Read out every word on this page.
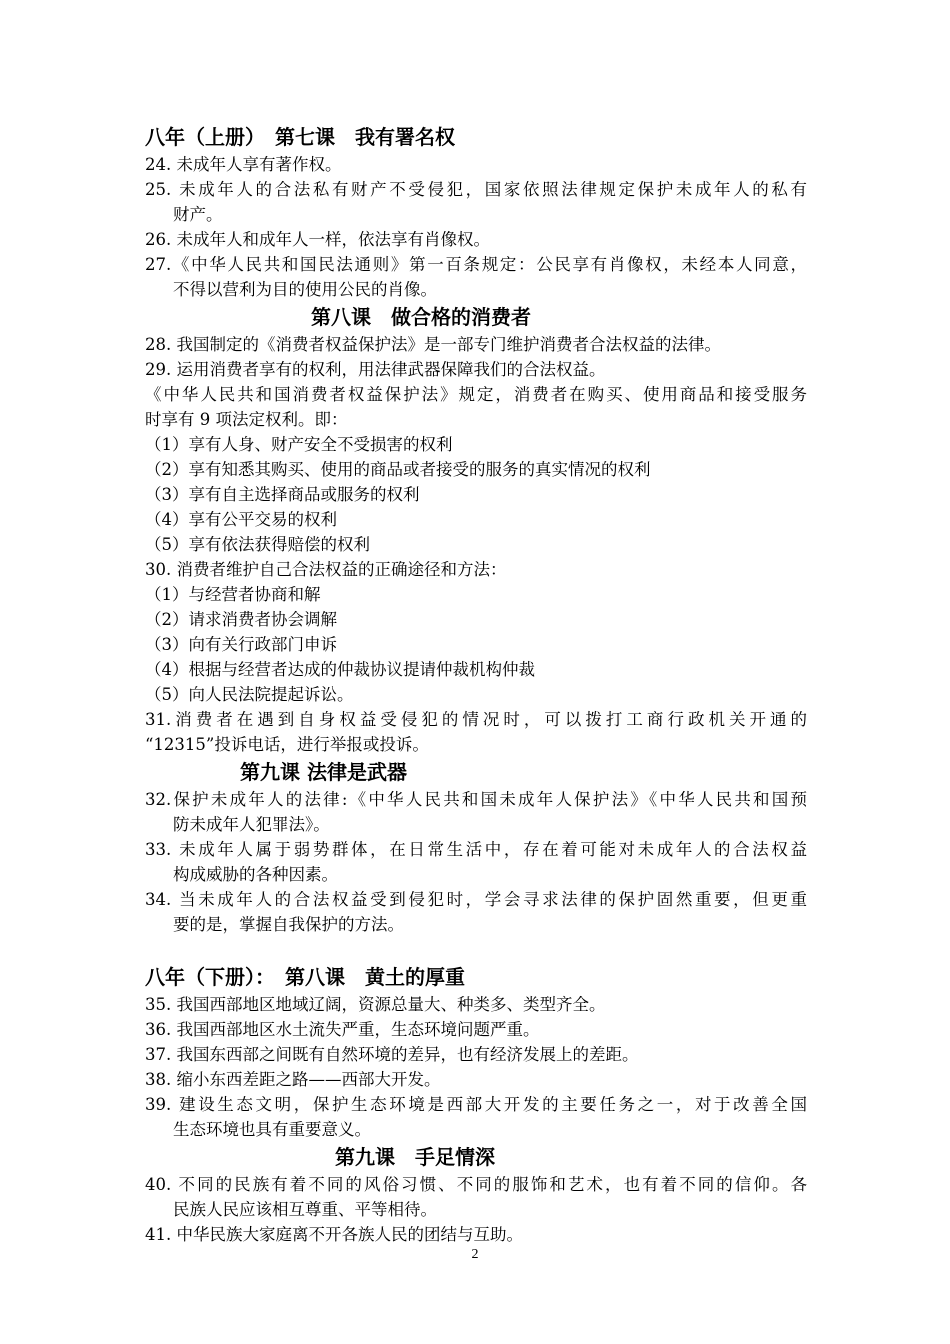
八年（上册）　第七课　我有署名权
24. 未成年人享有著作权。
25. 未成年人的合法私有财产不受侵犯，国家依照法律规定保护未成年人的私有
财产。
26. 未成年人和成年人一样，依法享有肖像权。
27.《中华人民共和国民法通则》第一百条规定：公民享有肖像权，未经本人同意，
不得以营利为目的使用公民的肖像。
第八课　做合格的消费者
28. 我国制定的《消费者权益保护法》是一部专门维护消费者合法权益的法律。
29. 运用消费者享有的权利，用法律武器保障我们的合法权益。
《中华人民共和国消费者权益保护法》规定，消费者在购买、使用商品和接受服务
时享有 9 项法定权利。即：
（1）享有人身、财产安全不受损害的权利
（2）享有知悉其购买、使用的商品或者接受的服务的真实情况的权利
（3）享有自主选择商品或服务的权利
（4）享有公平交易的权利
（5）享有依法获得赔偿的权利
30. 消费者维护自己合法权益的正确途径和方法：
（1）与经营者协商和解
（2）请求消费者协会调解
（3）向有关行政部门申诉
（4）根据与经营者达成的仲裁协议提请仲裁机构仲裁
（5）向人民法院提起诉讼。
31.消费者在遇到自身权益受侵犯的情况时，可以拨打工商行政机关开通的
“12315”投诉电话，进行举报或投诉。
第九课 法律是武器
32.保护未成年人的法律:《中华人民共和国未成年人保护法》《中华人民共和国预
防未成年人犯罪法》。
33. 未成年人属于弱势群体，在日常生活中，存在着可能对未成年人的合法权益
构成威胁的各种因素。
34. 当未成年人的合法权益受到侵犯时，学会寻求法律的保护固然重要，但更重
要的是，掌握自我保护的方法。
八年（下册）：　第八课　黄土的厚重
35. 我国西部地区地域辽阔，资源总量大、种类多、类型齐全。
36. 我国西部地区水土流失严重，生态环境问题严重。
37. 我国东西部之间既有自然环境的差异，也有经济发展上的差距。
38. 缩小东西差距之路——西部大开发。
39. 建设生态文明，保护生态环境是西部大开发的主要任务之一，对于改善全国
生态环境也具有重要意义。
第九课　手足情深
40. 不同的民族有着不同的风俗习惯、不同的服饰和艺术，也有着不同的信仰。各
民族人民应该相互尊重、平等相待。
41. 中华民族大家庭离不开各族人民的团结与互助。
2
